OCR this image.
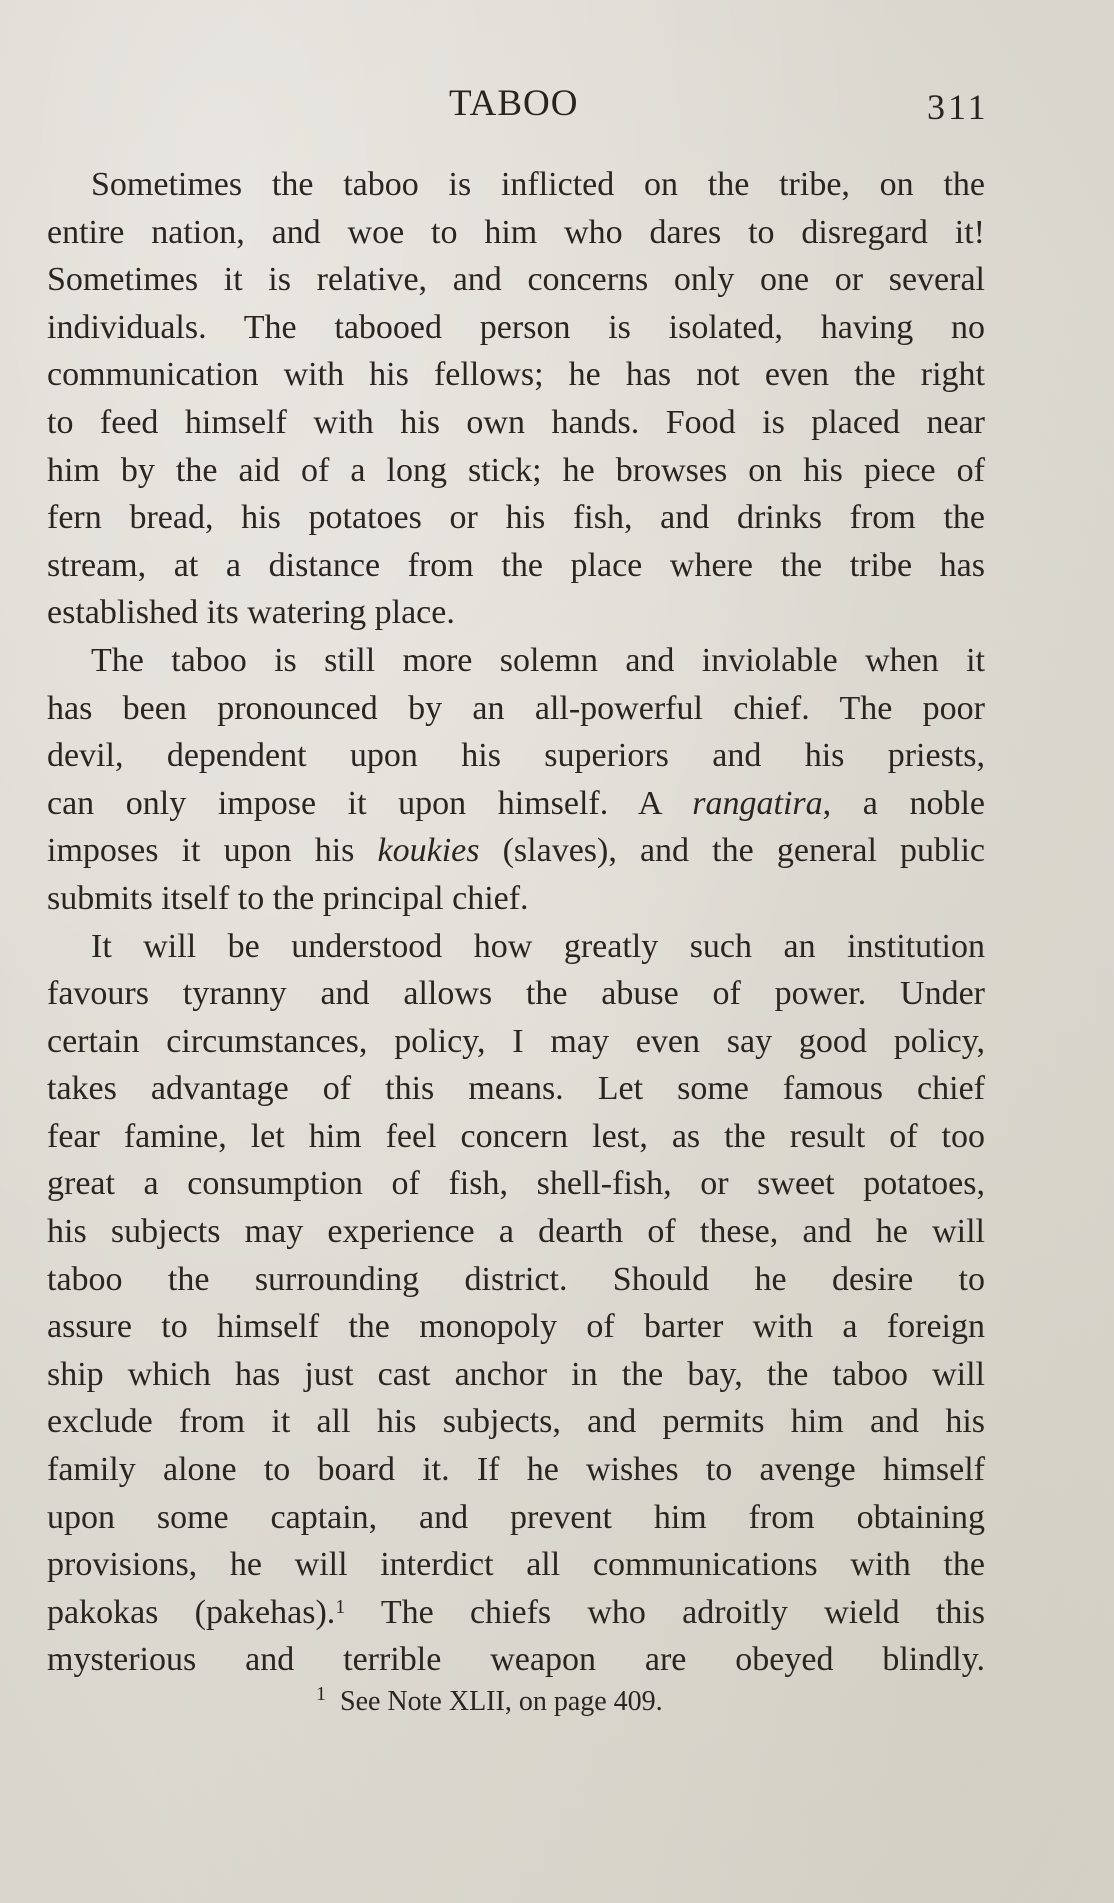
TABOO	311
Sometimes the taboo is inflicted on the tribe, on the
entire nation, and woe to him who dares to disregard it!
Sometimes it is relative, and concerns only one or several
individuals. The tabooed person is isolated, having no
communication with his fellows; he has not even the right
to feed himself with his own hands. Food is placed near
him by the aid of a long stick; he browses on his piece of
fern bread, his potatoes or his fish, and drinks from the
stream, at a distance from the place where the tribe has
established its watering place.
The taboo is still more solemn and inviolable when it
has been pronounced by an all-powerful chief. The poor
devil, dependent upon his superiors and his priests,
can only impose it upon himself. A rangatira, a noble
imposes it upon his koukies (slaves), and the general public
submits itself to the principal chief.
It will be understood how greatly such an institution
favours tyranny and allows the abuse of power. Under
certain circumstances, policy, I may even say good policy,
takes advantage of this means. Let some famous chief
fear famine, let him feel concern lest, as the result of too
great a consumption of fish, shell-fish, or sweet potatoes,
his subjects may experience a dearth of these, and he will
taboo the surrounding district. Should he desire to
assure to himself the monopoly of barter with a foreign
ship which has just cast anchor in the bay, the taboo will
exclude from it all his subjects, and permits him and his
family alone to board it. If he wishes to avenge himself
upon some captain, and prevent him from obtaining
provisions, he will interdict all communications with the
pakokas (pakehas).$^1$ The chiefs who adroitly wield this
mysterious and terrible weapon are obeyed blindly.
$^1$ See Note XLII, on page 409.
